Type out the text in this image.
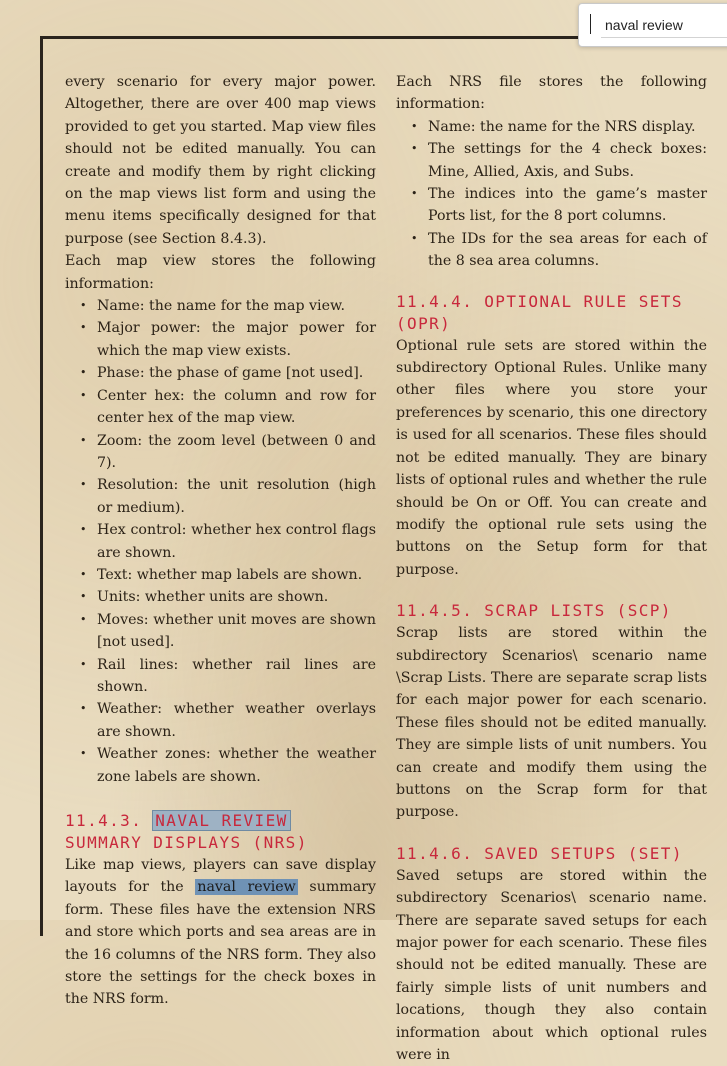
naval review

every scenario for every major power. Altogether, there are over 400 map views provided to get you started. Map view files should not be edited manually. You can create and modify them by right clicking on the map views list form and using the menu items specifically designed for that purpose (see Section 8.4.3).

Each map view stores the following information:

• Name: the name for the map view.
• Major power: the major power for which the map view exists.
• Phase: the phase of game [not used].
• Center hex: the column and row for center hex of the map view.
• Zoom: the zoom level (between 0 and 7).
• Resolution: the unit resolution (high or medium).
• Hex control: whether hex control flags are shown.
• Text: whether map labels are shown.
• Units: whether units are shown.
• Moves: whether unit moves are shown [not used].
• Rail lines: whether rail lines are shown.
• Weather: whether weather overlays are shown.
• Weather zones: whether the weather zone labels are shown.
11.4.3. NAVAL REVIEW SUMMARY DISPLAYS (NRS)

Like map views, players can save display layouts for the naval review summary form. These files have the extension NRS and store which ports and sea areas are in the 16 columns of the NRS form. They also store the settings for the check boxes in the NRS form.

Each NRS file stores the following information:

• Name: the name for the NRS display.
• The settings for the 4 check boxes: Mine, Allied, Axis, and Subs.
• The indices into the game’s master Ports list, for the 8 port columns.
• The IDs for the sea areas for each of the 8 sea area columns.
11.4.4. OPTIONAL RULE SETS (OPR)

Optional rule sets are stored within the subdirectory Optional Rules. Unlike many other files where you store your preferences by scenario, this one directory is used for all scenarios. These files should not be edited manually. They are binary lists of optional rules and whether the rule should be On or Off. You can create and modify the optional rule sets using the buttons on the Setup form for that purpose.

11.4.5. SCRAP LISTS (SCP)

Scrap lists are stored within the subdirectory Scenarios\ scenario name \Scrap Lists. There are separate scrap lists for each major power for each scenario. These files should not be edited manually. They are simple lists of unit numbers. You can create and modify them using the buttons on the Scrap form for that purpose.

11.4.6. SAVED SETUPS (SET)

Saved setups are stored within the subdirectory Scenarios\ scenario name. There are separate saved setups for each major power for each scenario. These files should not be edited manually. These are fairly simple lists of unit numbers and locations, though they also contain information about which optional rules were in
